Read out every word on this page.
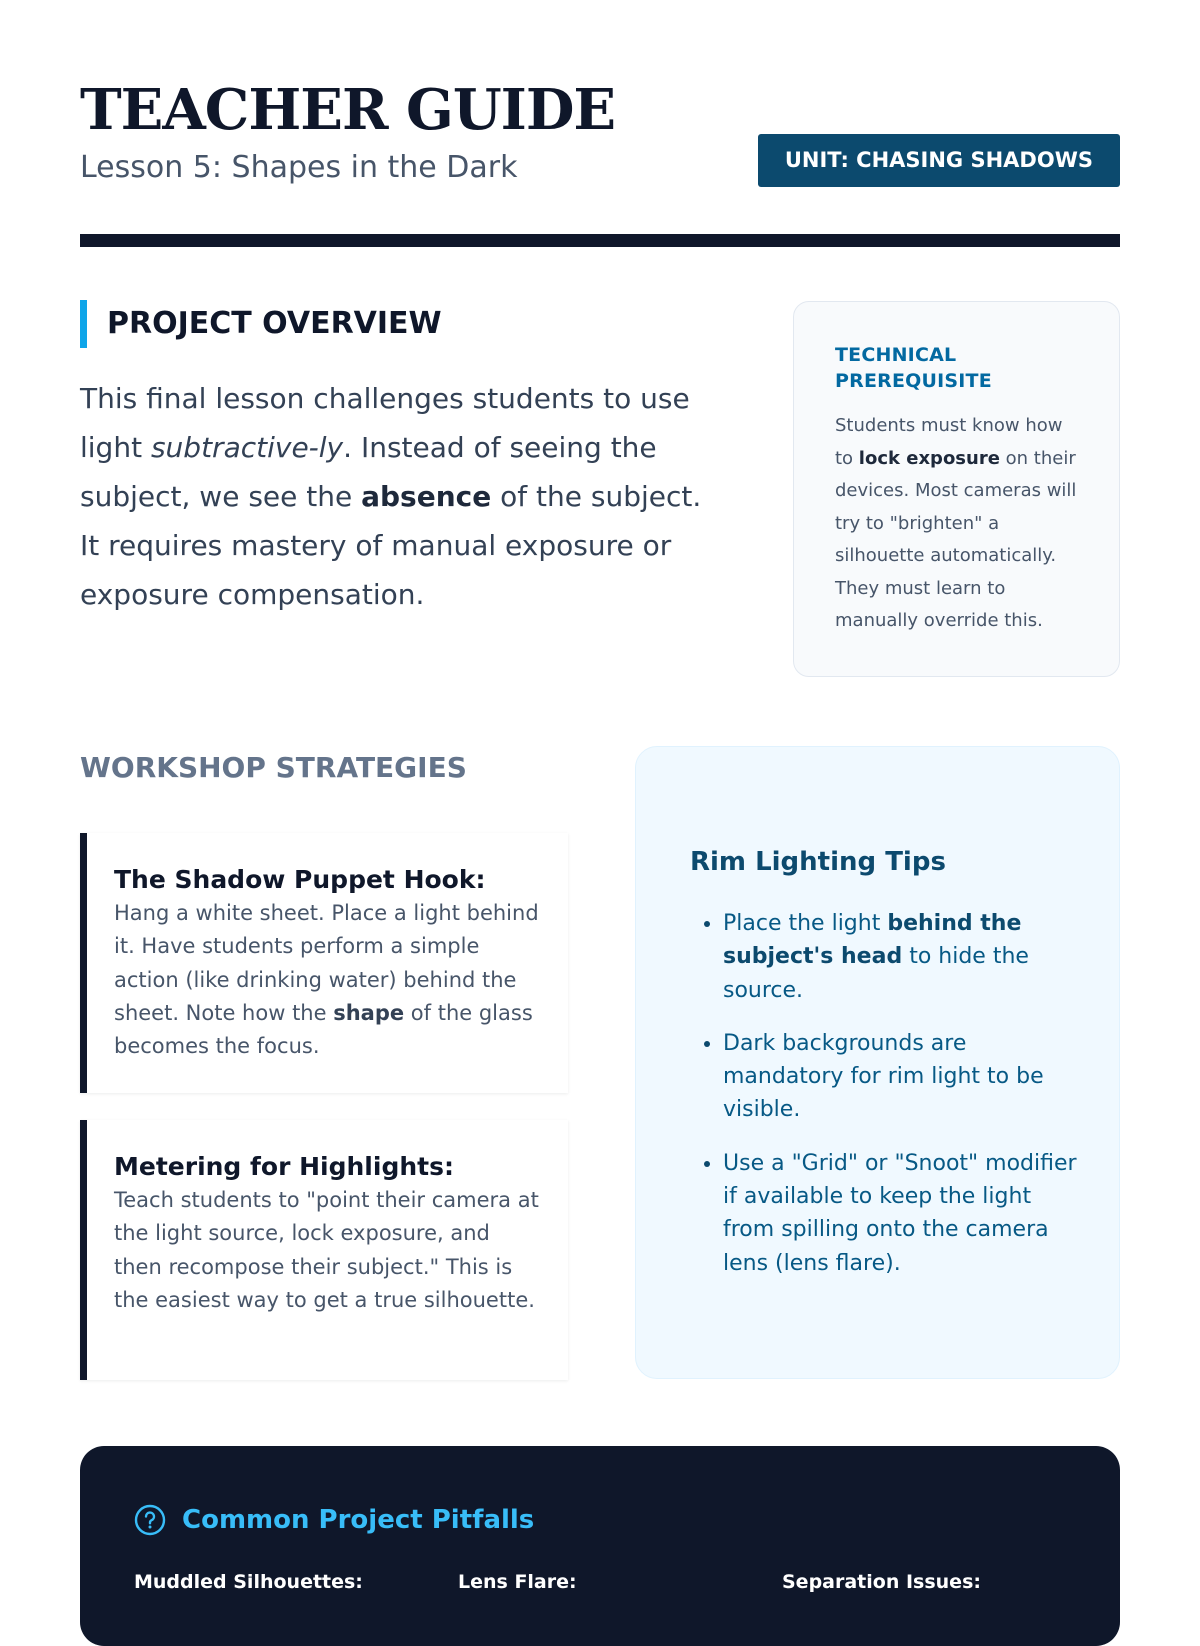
TEACHER GUIDE
Lesson 5: Shapes in the Dark	UNIT: CHASING SHADOWS
PROJECT OVERVIEW

This final lesson challenges students to use light subtractive-ly. Instead of seeing the subject, we see the absence of the subject. It requires mastery of manual exposure or exposure compensation.

TECHNICAL PREREQUISITE
Students must know how to lock exposure on their devices. Most cameras will try to "brighten" a silhouette automatically. They must learn to manually override this.
WORKSHOP STRATEGIES
The Shadow Puppet Hook:
Hang a white sheet. Place a light behind it. Have students perform a simple action (like drinking water) behind the sheet. Note how the shape of the glass becomes the focus.
Metering for Highlights:
Teach students to "point their camera at the light source, lock exposure, and then recompose their subject." This is the easiest way to get a true silhouette.
Rim Lighting Tips
• Place the light behind the subject's head to hide the source.
• Dark backgrounds are mandatory for rim light to be visible.
• Use a "Grid" or "Snoot" modifier if available to keep the light from spilling onto the camera lens (lens flare).
Common Project Pitfalls
Muddled Silhouettes:	Lens Flare:	Separation Issues:
